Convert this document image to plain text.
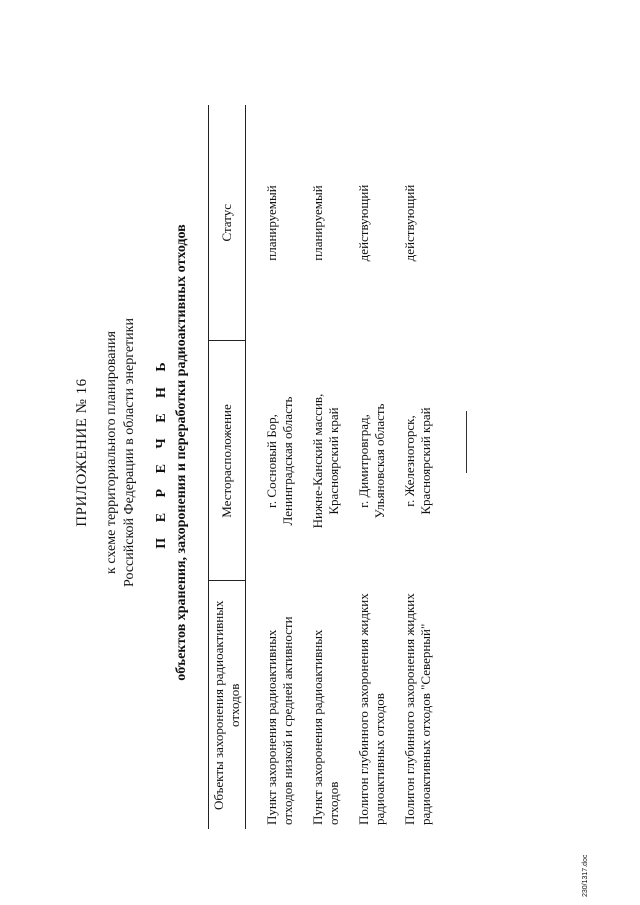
ПРИЛОЖЕНИЕ № 16 к схеме территориального планирования Российской Федерации в области энергетики П Е Р Е Ч Е Н Ь объектов хранения, захоронения и переработки радиоактивных отходов
Объекты захоронения радиоактивных отходов	Месторасположение	Статус
Пункт захоронения радиоактивных отходов низкой и средней активности	г. Сосновый Бор, Ленинградская область	планируемый
Пункт захоронения радиоактивных отходов	Нижне-Канский массив, Красноярский край	планируемый
Полигон глубинного захоронения жидких радиоактивных отходов	г. Димитровград, Ульяновская область	действующий
Полигон глубинного захоронения жидких радиоактивных отходов "Северный"	г. Железногорск, Красноярский край	действующий
230/1317.doc
